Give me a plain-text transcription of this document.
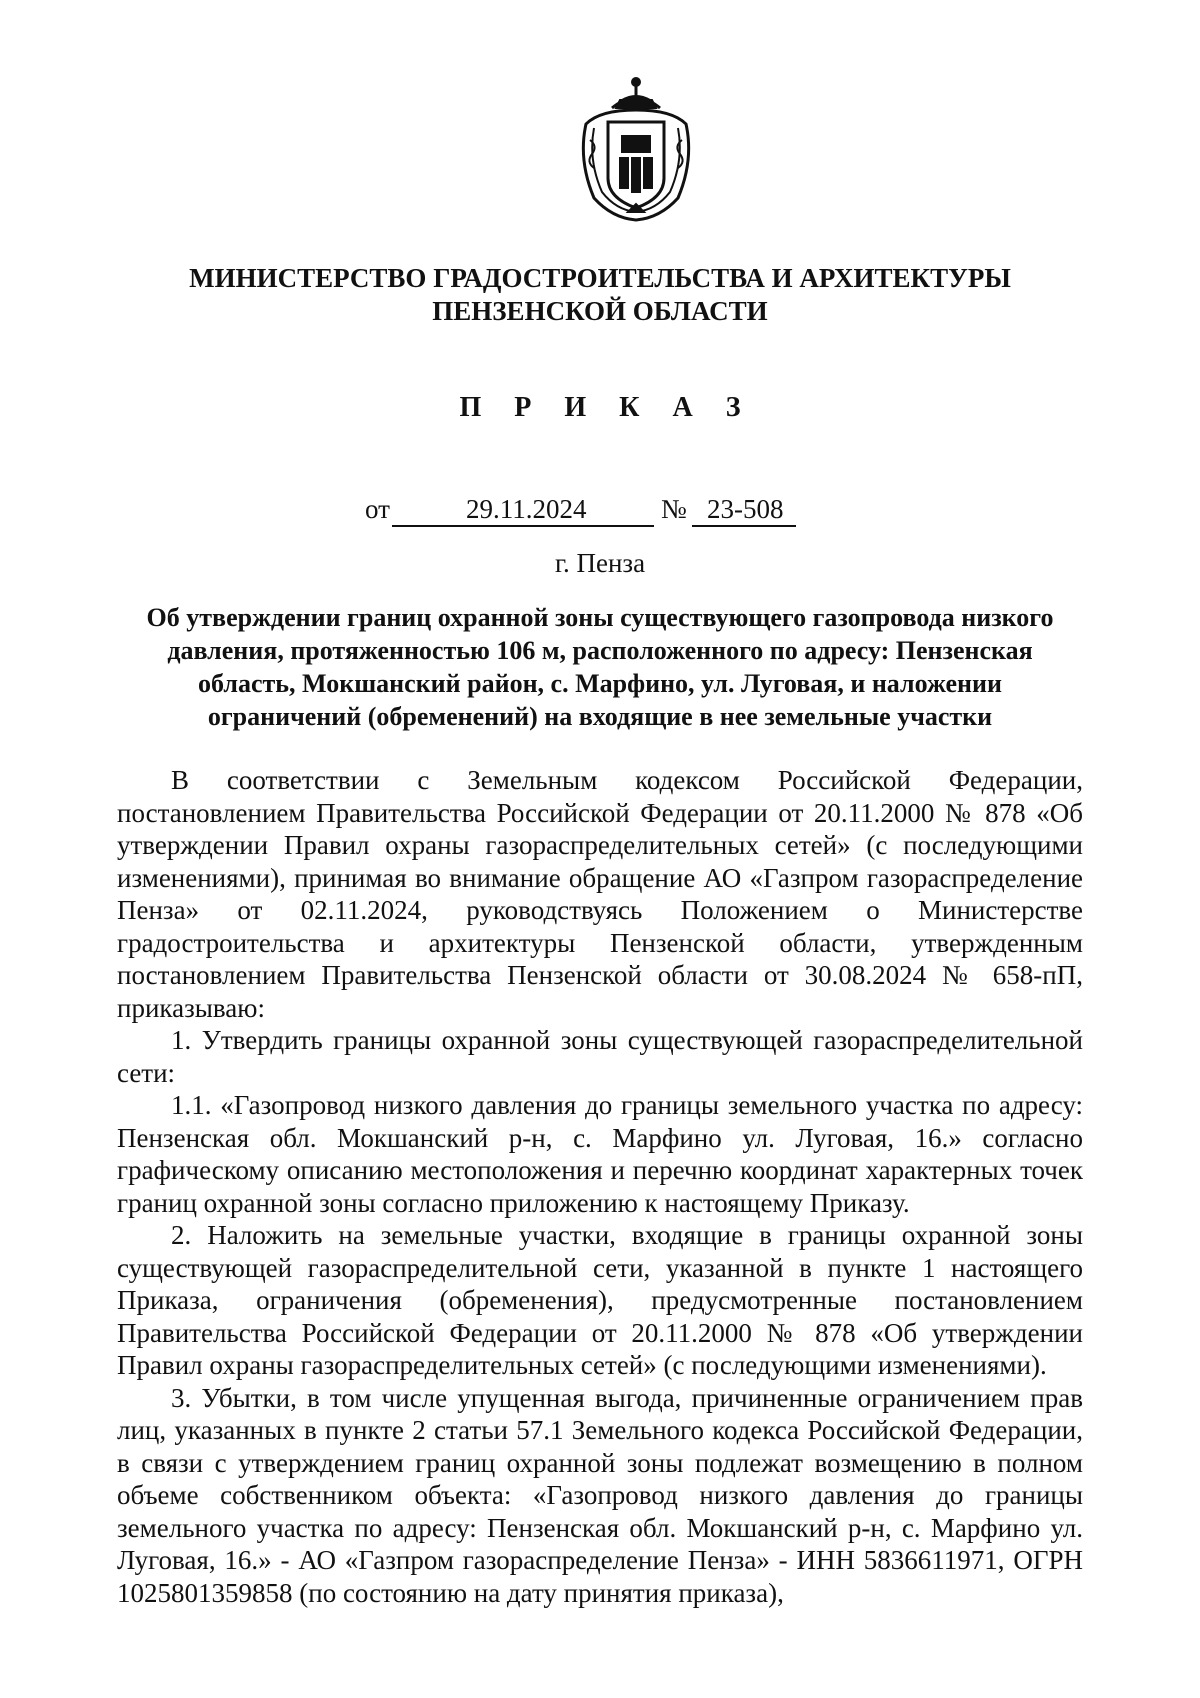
МИНИСТЕРСТВО ГРАДОСТРОИТЕЛЬСТВА И АРХИТЕКТУРЫ
ПЕНЗЕНСКОЙ ОБЛАСТИ
П Р И К А З
от	29.11.2024	№ 23-508
г. Пенза
Об утверждении границ охранной зоны существующего газопровода низкого
давления, протяженностью 106 м, расположенного по адресу: Пензенская
область, Мокшанский район, с. Марфино, ул. Луговая, и наложении
ограничений (обременений) на входящие в нее земельные участки

В соответствии с Земельным кодексом Российской Федерации, постановлением Правительства Российской Федерации от 20.11.2000 № 878 «Об утверждении Правил охраны газораспределительных сетей» (с последующими изменениями), принимая во внимание обращение АО «Газпром газораспределение Пенза» от 02.11.2024, руководствуясь Положением о Министерстве градостроительства и архитектуры Пензенской области, утвержденным постановлением Правительства Пензенской области от 30.08.2024 № 658-пП, приказываю:

1. Утвердить границы охранной зоны существующей газораспределительной сети:

1.1. «Газопровод низкого давления до границы земельного участка по адресу: Пензенская обл. Мокшанский р-н, с. Марфино ул. Луговая, 16.» согласно графическому описанию местоположения и перечню координат характерных точек границ охранной зоны согласно приложению к настоящему Приказу.

2. Наложить на земельные участки, входящие в границы охранной зоны существующей газораспределительной сети, указанной в пункте 1 настоящего Приказа, ограничения (обременения), предусмотренные постановлением Правительства Российской Федерации от 20.11.2000 № 878 «Об утверждении Правил охраны газораспределительных сетей» (с последующими изменениями).

3. Убытки, в том числе упущенная выгода, причиненные ограничением прав лиц, указанных в пункте 2 статьи 57.1 Земельного кодекса Российской Федерации, в связи с утверждением границ охранной зоны подлежат возмещению в полном объеме собственником объекта: «Газопровод низкого давления до границы земельного участка по адресу: Пензенская обл. Мокшанский р-н, с. Марфино ул. Луговая, 16.» - АО «Газпром газораспределение Пенза» - ИНН 5836611971, ОГРН 1025801359858 (по состоянию на дату принятия приказа),
